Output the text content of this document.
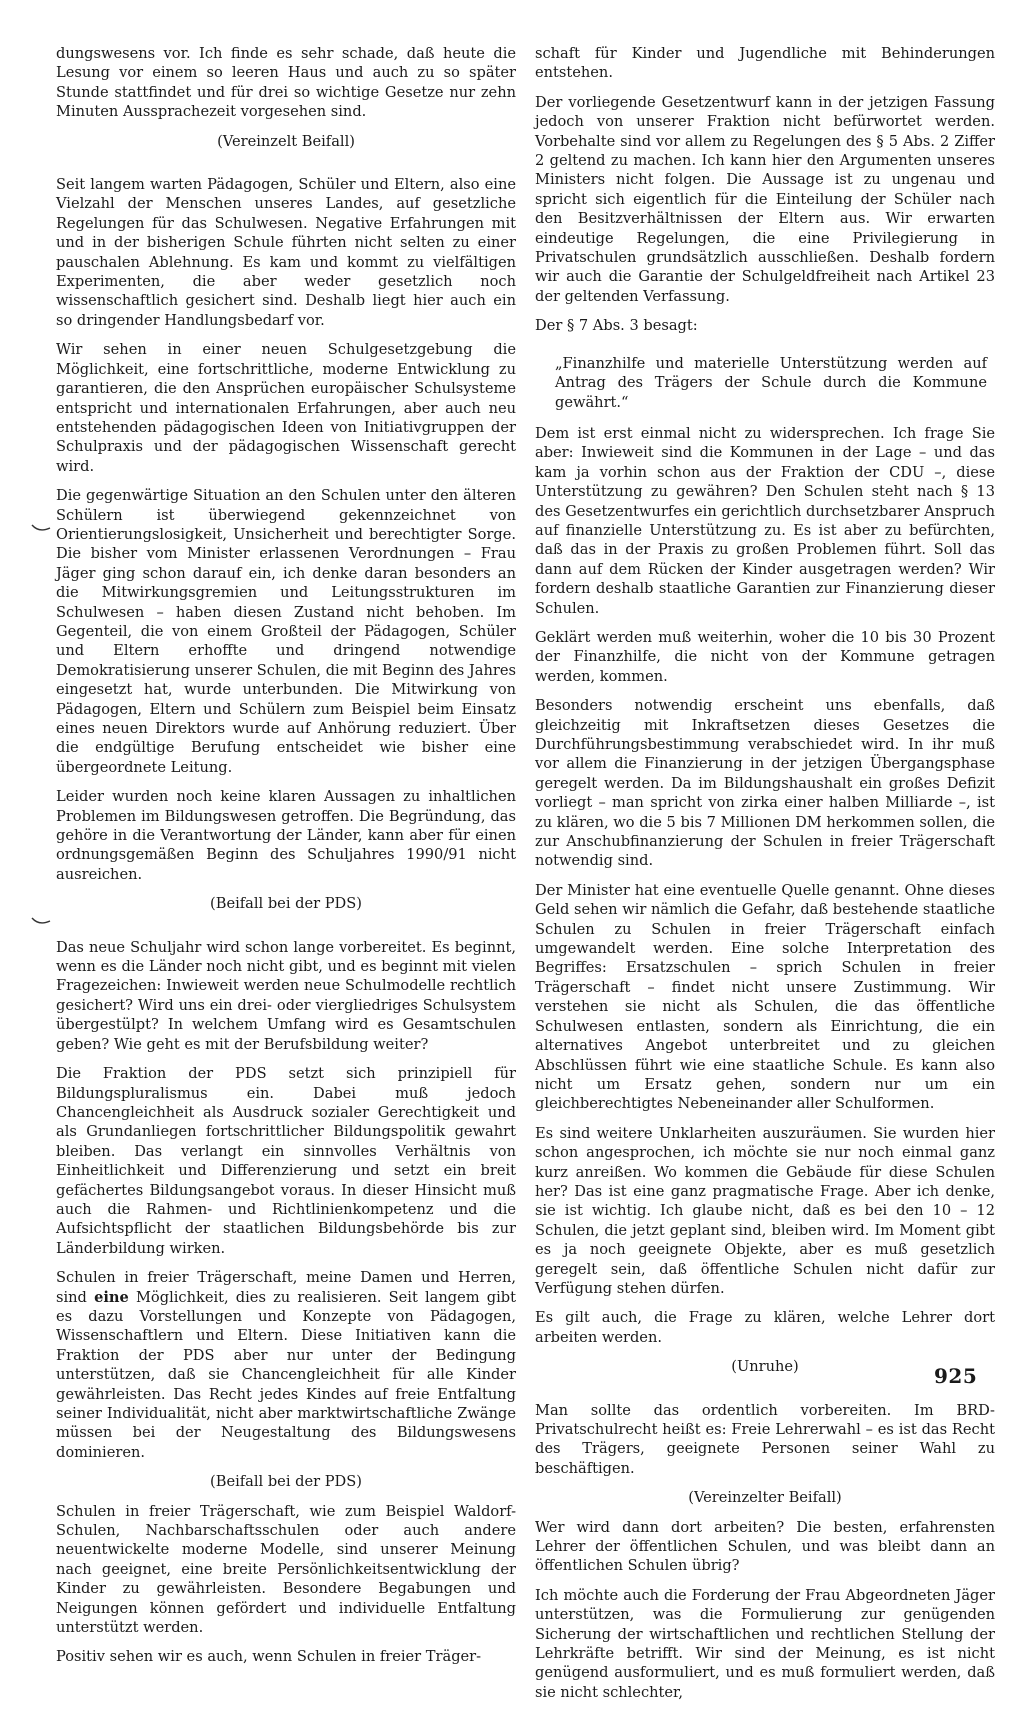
dungswesens vor. Ich finde es sehr schade, daß heute die Lesung vor einem so leeren Haus und auch zu so später Stunde stattfindet und für drei so wichtige Gesetze nur zehn Minuten Aussprachezeit vorgesehen sind.

(Vereinzelt Beifall)

Seit langem warten Pädagogen, Schüler und Eltern, also eine Vielzahl der Menschen unseres Landes, auf gesetzliche Regelungen für das Schulwesen. Negative Erfahrungen mit und in der bisherigen Schule führten nicht selten zu einer pauschalen Ablehnung. Es kam und kommt zu vielfältigen Experimenten, die aber weder gesetzlich noch wissenschaftlich gesichert sind. Deshalb liegt hier auch ein so dringender Handlungsbedarf vor.

Wir sehen in einer neuen Schulgesetzgebung die Möglichkeit, eine fortschrittliche, moderne Entwicklung zu garantieren, die den Ansprüchen europäischer Schulsysteme entspricht und internationalen Erfahrungen, aber auch neu entstehenden pädagogischen Ideen von Initiativgruppen der Schulpraxis und der pädagogischen Wissenschaft gerecht wird.

Die gegenwärtige Situation an den Schulen unter den älteren Schülern ist überwiegend gekennzeichnet von Orientierungslosigkeit, Unsicherheit und berechtigter Sorge. Die bisher vom Minister erlassenen Verordnungen – Frau Jäger ging schon darauf ein, ich denke daran besonders an die Mitwirkungsgremien und Leitungsstrukturen im Schulwesen – haben diesen Zustand nicht behoben. Im Gegenteil, die von einem Großteil der Pädagogen, Schüler und Eltern erhoffte und dringend notwendige Demokratisierung unserer Schulen, die mit Beginn des Jahres eingesetzt hat, wurde unterbunden. Die Mitwirkung von Pädagogen, Eltern und Schülern zum Beispiel beim Einsatz eines neuen Direktors wurde auf Anhörung reduziert. Über die endgültige Berufung entscheidet wie bisher eine übergeordnete Leitung.

Leider wurden noch keine klaren Aussagen zu inhaltlichen Problemen im Bildungswesen getroffen. Die Begründung, das gehöre in die Verantwortung der Länder, kann aber für einen ordnungsgemäßen Beginn des Schuljahres 1990/91 nicht ausreichen.

(Beifall bei der PDS)

Das neue Schuljahr wird schon lange vorbereitet. Es beginnt, wenn es die Länder noch nicht gibt, und es beginnt mit vielen Fragezeichen: Inwieweit werden neue Schulmodelle rechtlich gesichert? Wird uns ein drei- oder viergliedriges Schulsystem übergestülpt? In welchem Umfang wird es Gesamtschulen geben? Wie geht es mit der Berufsbildung weiter?

Die Fraktion der PDS setzt sich prinzipiell für Bildungspluralismus ein. Dabei muß jedoch Chancengleichheit als Ausdruck sozialer Gerechtigkeit und als Grundanliegen fortschrittlicher Bildungspolitik gewahrt bleiben. Das verlangt ein sinnvolles Verhältnis von Einheitlichkeit und Differenzierung und setzt ein breit gefächertes Bildungsangebot voraus. In dieser Hinsicht muß auch die Rahmen- und Richtlinienkompetenz und die Aufsichtspflicht der staatlichen Bildungsbehörde bis zur Länderbildung wirken.

Schulen in freier Trägerschaft, meine Damen und Herren, sind eine Möglichkeit, dies zu realisieren. Seit langem gibt es dazu Vorstellungen und Konzepte von Pädagogen, Wissenschaftlern und Eltern. Diese Initiativen kann die Fraktion der PDS aber nur unter der Bedingung unterstützen, daß sie Chancengleichheit für alle Kinder gewährleisten. Das Recht jedes Kindes auf freie Entfaltung seiner Individualität, nicht aber marktwirtschaftliche Zwänge müssen bei der Neugestaltung des Bildungswesens dominieren.

(Beifall bei der PDS)

Schulen in freier Trägerschaft, wie zum Beispiel Waldorf-Schulen, Nachbarschaftsschulen oder auch andere neuentwickelte moderne Modelle, sind unserer Meinung nach geeignet, eine breite Persönlichkeitsentwicklung der Kinder zu gewährleisten. Besondere Begabungen und Neigungen können gefördert und individuelle Entfaltung unterstützt werden.

Positiv sehen wir es auch, wenn Schulen in freier Träger-

schaft für Kinder und Jugendliche mit Behinderungen entstehen.

Der vorliegende Gesetzentwurf kann in der jetzigen Fassung jedoch von unserer Fraktion nicht befürwortet werden. Vorbehalte sind vor allem zu Regelungen des § 5 Abs. 2 Ziffer 2 geltend zu machen. Ich kann hier den Argumenten unseres Ministers nicht folgen. Die Aussage ist zu ungenau und spricht sich eigentlich für die Einteilung der Schüler nach den Besitzverhältnissen der Eltern aus. Wir erwarten eindeutige Regelungen, die eine Privilegierung in Privatschulen grundsätzlich ausschließen. Deshalb fordern wir auch die Garantie der Schulgeldfreiheit nach Artikel 23 der geltenden Verfassung.

Der § 7 Abs. 3 besagt:

„Finanzhilfe und materielle Unterstützung werden auf Antrag des Trägers der Schule durch die Kommune gewährt.“

Dem ist erst einmal nicht zu widersprechen. Ich frage Sie aber: Inwieweit sind die Kommunen in der Lage – und das kam ja vorhin schon aus der Fraktion der CDU –, diese Unterstützung zu gewähren? Den Schulen steht nach § 13 des Gesetzentwurfes ein gerichtlich durchsetzbarer Anspruch auf finanzielle Unterstützung zu. Es ist aber zu befürchten, daß das in der Praxis zu großen Problemen führt. Soll das dann auf dem Rücken der Kinder ausgetragen werden? Wir fordern deshalb staatliche Garantien zur Finanzierung dieser Schulen.

Geklärt werden muß weiterhin, woher die 10 bis 30 Prozent der Finanzhilfe, die nicht von der Kommune getragen werden, kommen.

Besonders notwendig erscheint uns ebenfalls, daß gleichzeitig mit Inkraftsetzen dieses Gesetzes die Durchführungsbestimmung verabschiedet wird. In ihr muß vor allem die Finanzierung in der jetzigen Übergangsphase geregelt werden. Da im Bildungshaushalt ein großes Defizit vorliegt – man spricht von zirka einer halben Milliarde –, ist zu klären, wo die 5 bis 7 Millionen DM herkommen sollen, die zur Anschubfinanzierung der Schulen in freier Trägerschaft notwendig sind.

Der Minister hat eine eventuelle Quelle genannt. Ohne dieses Geld sehen wir nämlich die Gefahr, daß bestehende staatliche Schulen zu Schulen in freier Trägerschaft einfach umgewandelt werden. Eine solche Interpretation des Begriffes: Ersatzschulen – sprich Schulen in freier Trägerschaft – findet nicht unsere Zustimmung. Wir verstehen sie nicht als Schulen, die das öffentliche Schulwesen entlasten, sondern als Einrichtung, die ein alternatives Angebot unterbreitet und zu gleichen Abschlüssen führt wie eine staatliche Schule. Es kann also nicht um Ersatz gehen, sondern nur um ein gleichberechtigtes Nebeneinander aller Schulformen.

Es sind weitere Unklarheiten auszuräumen. Sie wurden hier schon angesprochen, ich möchte sie nur noch einmal ganz kurz anreißen. Wo kommen die Gebäude für diese Schulen her? Das ist eine ganz pragmatische Frage. Aber ich denke, sie ist wichtig. Ich glaube nicht, daß es bei den 10 – 12 Schulen, die jetzt geplant sind, bleiben wird. Im Moment gibt es ja noch geeignete Objekte, aber es muß gesetzlich geregelt sein, daß öffentliche Schulen nicht dafür zur Verfügung stehen dürfen.

Es gilt auch, die Frage zu klären, welche Lehrer dort arbeiten werden.

(Unruhe)

Man sollte das ordentlich vorbereiten. Im BRD-Privatschulrecht heißt es: Freie Lehrerwahl – es ist das Recht des Trägers, geeignete Personen seiner Wahl zu beschäftigen.

(Vereinzelter Beifall)

Wer wird dann dort arbeiten? Die besten, erfahrensten Lehrer der öffentlichen Schulen, und was bleibt dann an öffentlichen Schulen übrig?

Ich möchte auch die Forderung der Frau Abgeordneten Jäger unterstützen, was die Formulierung zur genügenden Sicherung der wirtschaftlichen und rechtlichen Stellung der Lehrkräfte betrifft. Wir sind der Meinung, es ist nicht genügend ausformuliert, und es muß formuliert werden, daß sie nicht schlechter,

925
